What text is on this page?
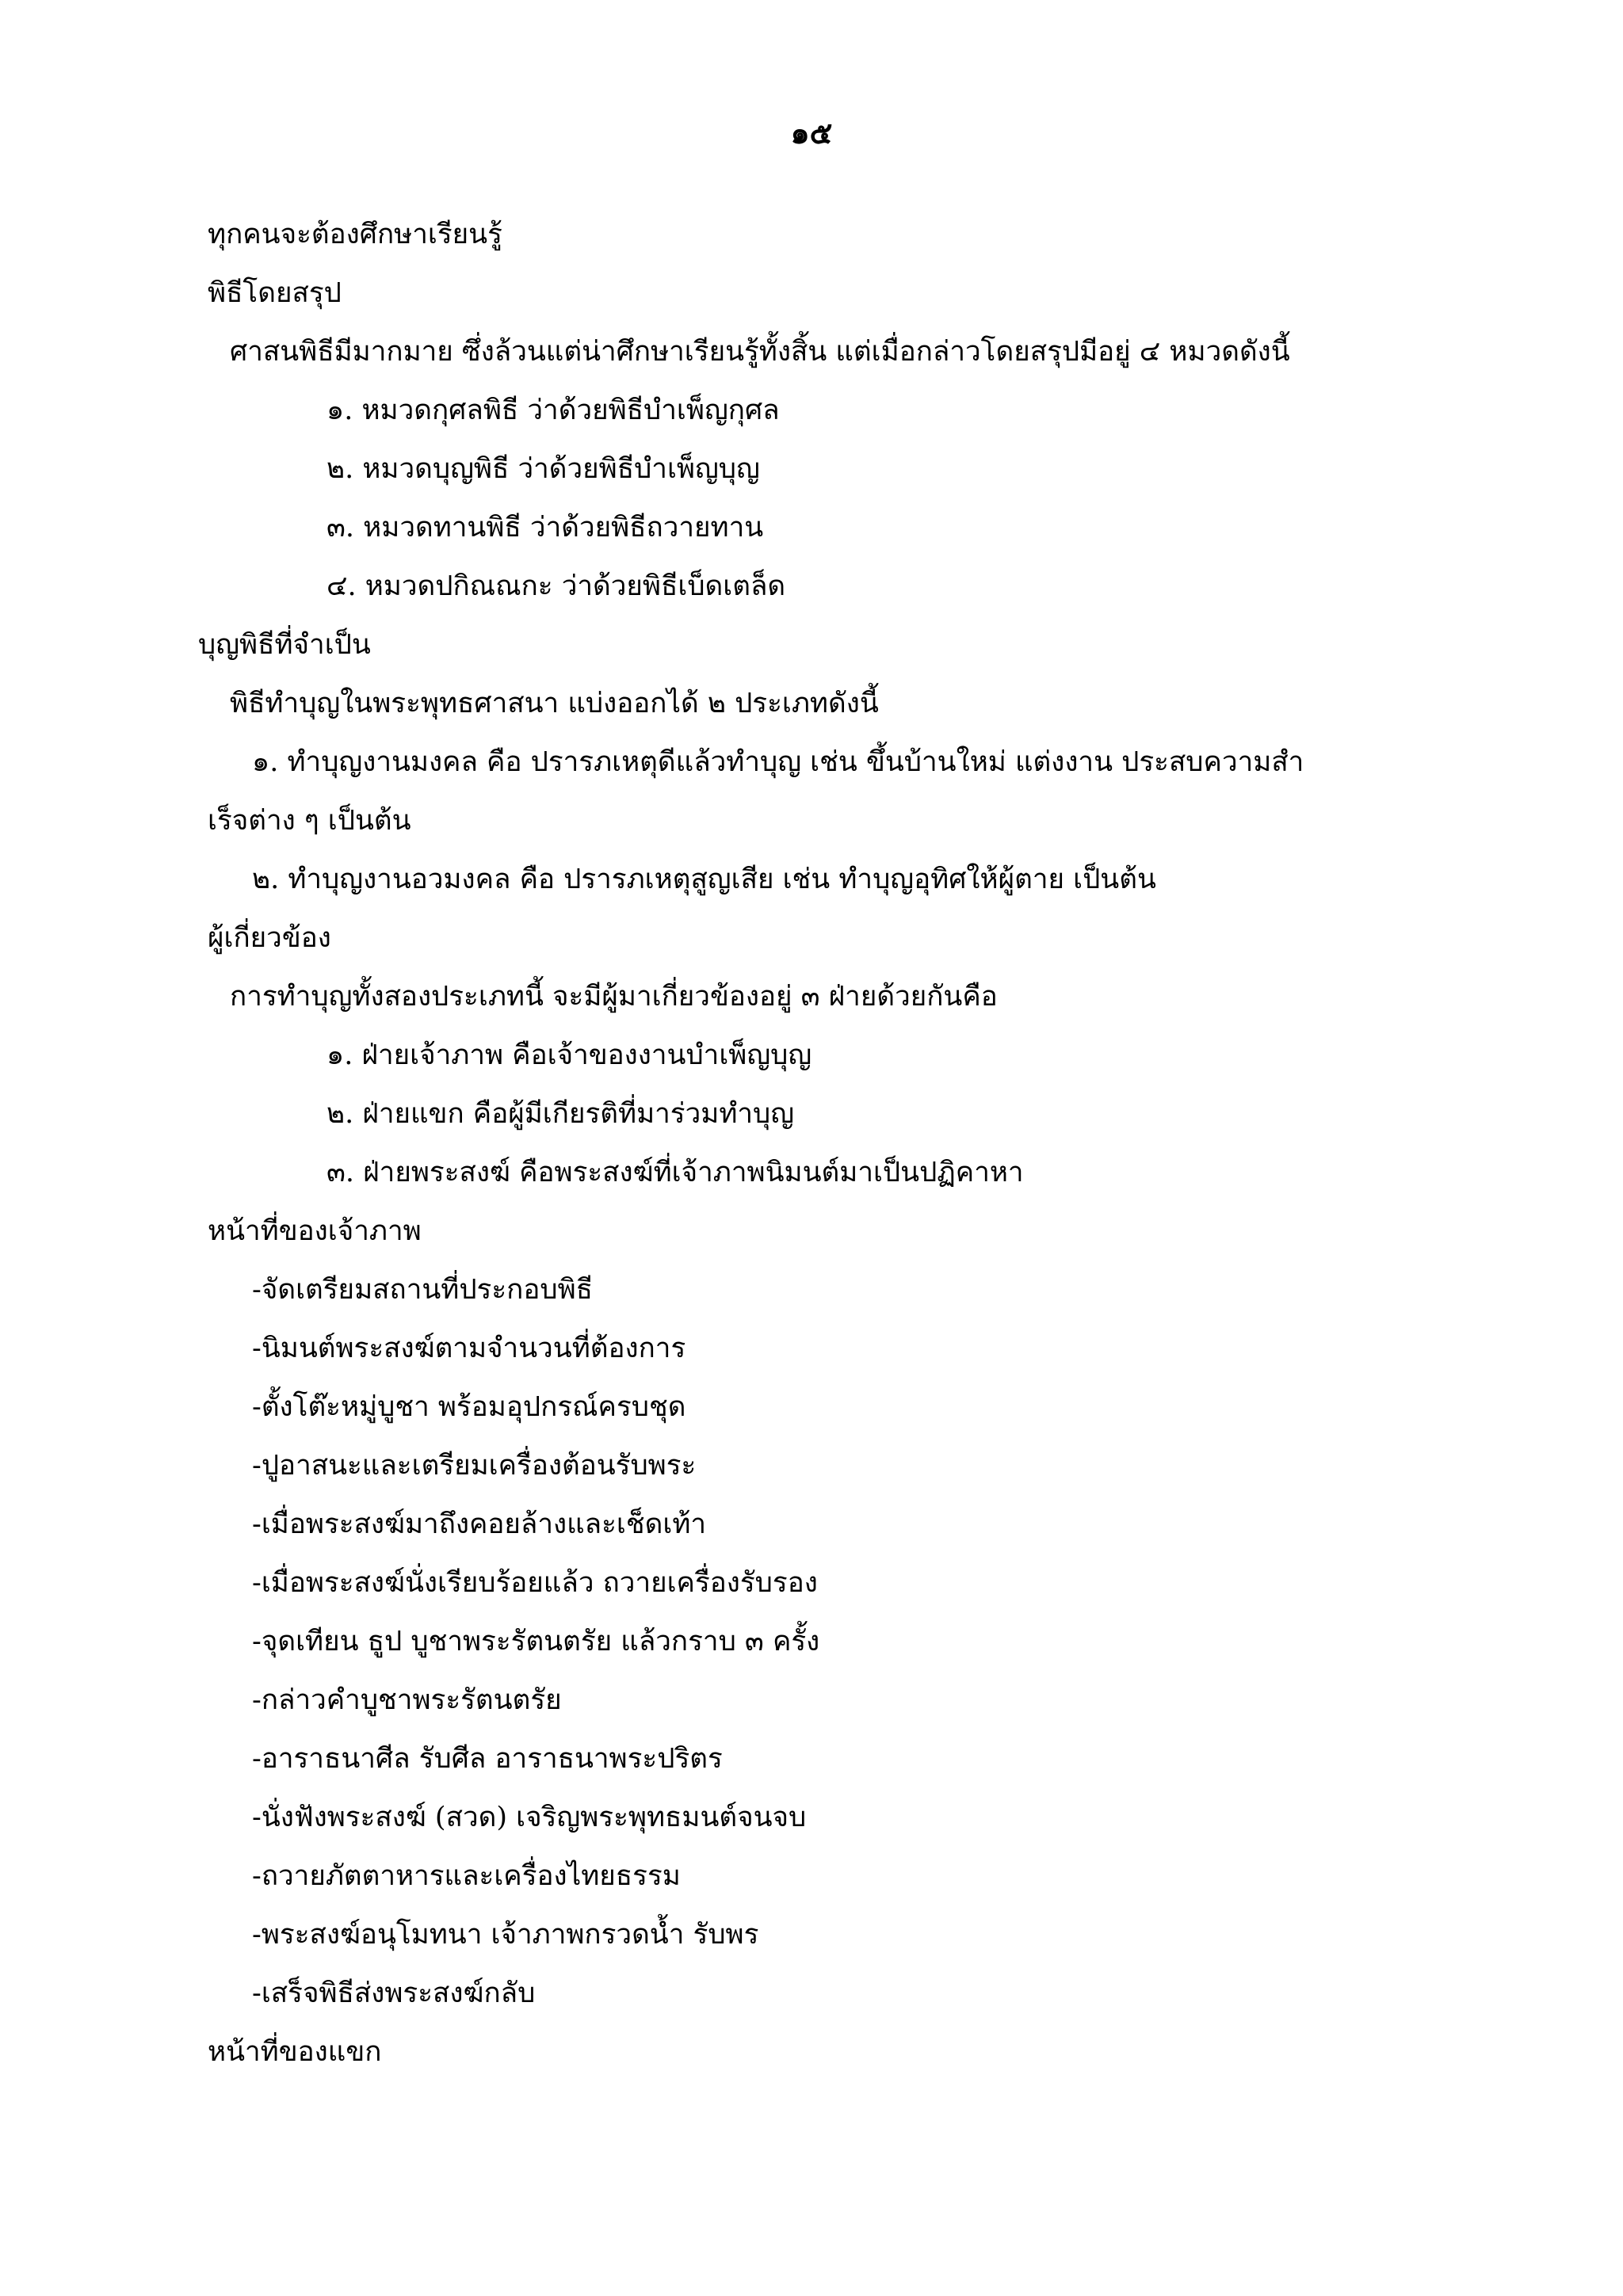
๑๕
ทุกคนจะต้องศึกษาเรียนรู้
พิธีโดยสรุป
ศาสนพิธีมีมากมาย ซึ่งล้วนแต่น่าศึกษาเรียนรู้ทั้งสิ้น แต่เมื่อกล่าวโดยสรุปมีอยู่ ๔ หมวดดังนี้
๑. หมวดกุศลพิธี ว่าด้วยพิธีบำเพ็ญกุศล
๒. หมวดบุญพิธี ว่าด้วยพิธีบำเพ็ญบุญ
๓. หมวดทานพิธี ว่าด้วยพิธีถวายทาน
๔. หมวดปกิณณกะ ว่าด้วยพิธีเบ็ดเตล็ด
บุญพิธีที่จำเป็น
พิธีทำบุญในพระพุทธศาสนา แบ่งออกได้ ๒ ประเภทดังนี้
๑. ทำบุญงานมงคล คือ ปรารภเหตุดีแล้วทำบุญ เช่น ขึ้นบ้านใหม่ แต่งงาน ประสบความสำ
เร็จต่าง ๆ เป็นต้น
๒. ทำบุญงานอวมงคล คือ ปรารภเหตุสูญเสีย เช่น ทำบุญอุทิศให้ผู้ตาย เป็นต้น
ผู้เกี่ยวข้อง
การทำบุญทั้งสองประเภทนี้ จะมีผู้มาเกี่ยวข้องอยู่ ๓ ฝ่ายด้วยกันคือ
๑. ฝ่ายเจ้าภาพ คือเจ้าของงานบำเพ็ญบุญ
๒. ฝ่ายแขก คือผู้มีเกียรติที่มาร่วมทำบุญ
๓. ฝ่ายพระสงฆ์ คือพระสงฆ์ที่เจ้าภาพนิมนต์มาเป็นปฏิคาหา
หน้าที่ของเจ้าภาพ
-จัดเตรียมสถานที่ประกอบพิธี
-นิมนต์พระสงฆ์ตามจำนวนที่ต้องการ
-ตั้งโต๊ะหมู่บูชา พร้อมอุปกรณ์ครบชุด
-ปูอาสนะและเตรียมเครื่องต้อนรับพระ
-เมื่อพระสงฆ์มาถึงคอยล้างและเช็ดเท้า
-เมื่อพระสงฆ์นั่งเรียบร้อยแล้ว ถวายเครื่องรับรอง
-จุดเทียน ธูป บูชาพระรัตนตรัย แล้วกราบ ๓ ครั้ง
-กล่าวคำบูชาพระรัตนตรัย
-อาราธนาศีล รับศีล อาราธนาพระปริตร
-นั่งฟังพระสงฆ์ (สวด) เจริญพระพุทธมนต์จนจบ
-ถวายภัตตาหารและเครื่องไทยธรรม
-พระสงฆ์อนุโมทนา เจ้าภาพกรวดน้ำ รับพร
-เสร็จพิธีส่งพระสงฆ์กลับ
หน้าที่ของแขก
